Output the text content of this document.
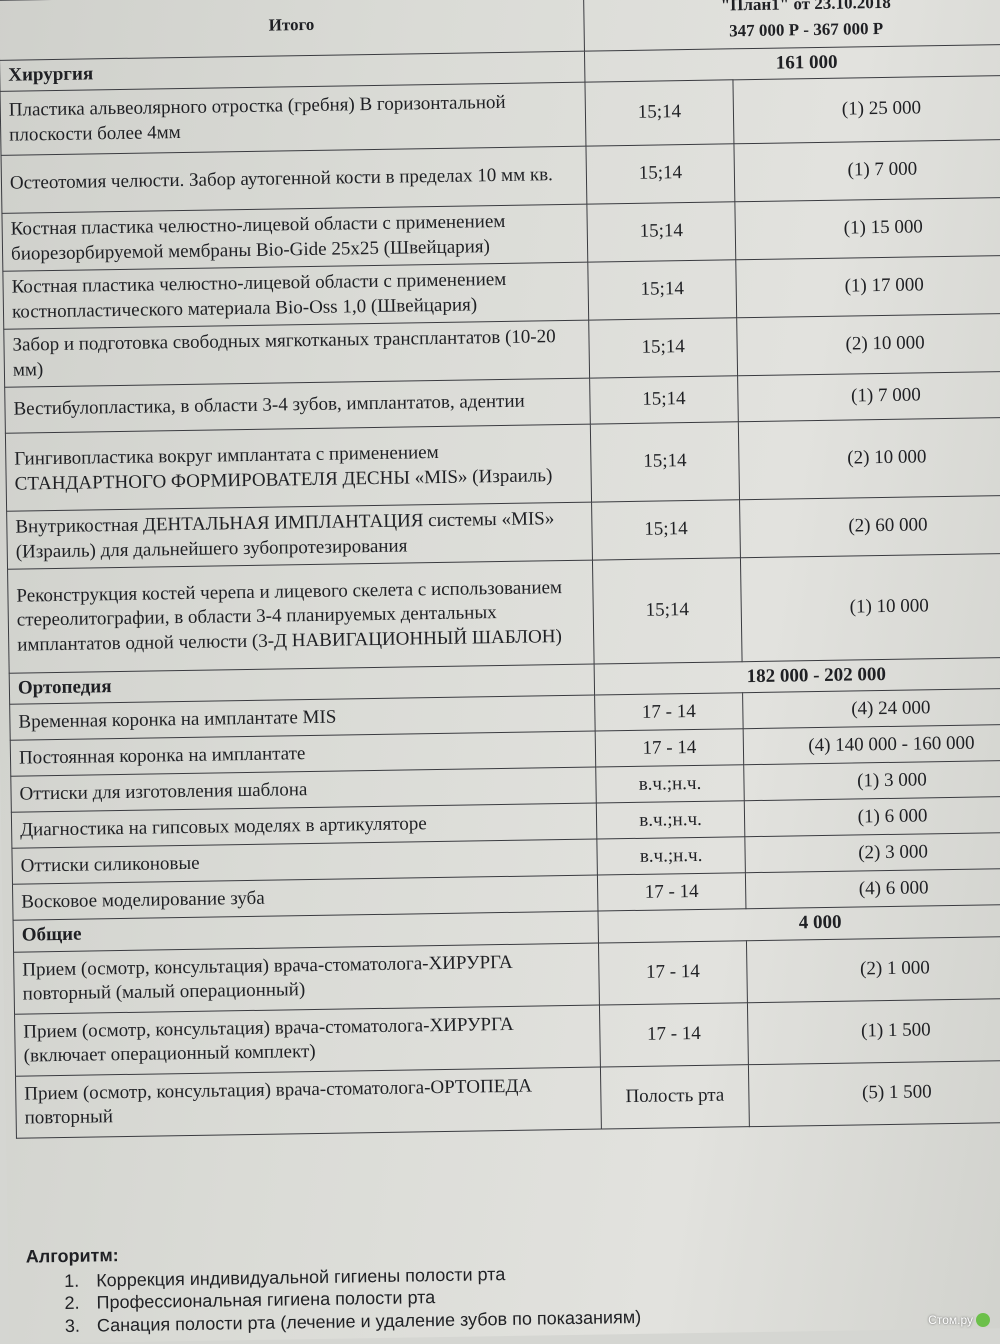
Итого	"План1" от 23.10.2018
347 000 Р - 367 000 Р	

Хирургия	161 000	
Пластика альвеолярного отростка (гребня) В горизонтальной плоскости более 4мм	15;14	(1) 25 000
Остеотомия челюсти. Забор аутогенной кости в пределах 10 мм кв.	15;14	(1) 7 000
Костная пластика челюстно-лицевой области с применением биорезорбируемой мембраны Bio-Gide 25x25 (Швейцария)	15;14	(1) 15 000
Костная пластика челюстно-лицевой области с применением костнопластического материала Bio-Oss 1,0 (Швейцария)	15;14	(1) 17 000
Забор и подготовка свободных мягкотканых трансплантатов (10-20 мм)	15;14	(2) 10 000
Вестибулопластика, в области 3-4 зубов, имплантатов, адентии	15;14	(1) 7 000
Гингивопластика вокруг имплантата с применением СТАНДАРТНОГО ФОРМИРОВАТЕЛЯ ДЕСНЫ «MIS» (Израиль)	15;14	(2) 10 000
Внутрикостная ДЕНТАЛЬНАЯ ИМПЛАНТАЦИЯ системы «MIS» (Израиль) для дальнейшего зубопротезирования	15;14	(2) 60 000
Реконструкция костей черепа и лицевого скелета с использованием стереолитографии, в области 3-4 планируемых дентальных имплантатов одной челюсти (3-Д НАВИГАЦИОННЫЙ ШАБЛОН)	15;14	(1) 10 000
Ортопедия	182 000 - 202 000	
Временная коронка на имплантате MIS	17 - 14	(4) 24 000
Постоянная коронка на имплантате	17 - 14	(4) 140 000 - 160 000
Оттиски для изготовления шаблона	в.ч.;н.ч.	(1) 3 000
Диагностика на гипсовых моделях в артикуляторе	в.ч.;н.ч.	(1) 6 000
Оттиски силиконовые	в.ч.;н.ч.	(2) 3 000
Восковое моделирование зуба	17 - 14	(4) 6 000
Общие	4 000	
Прием (осмотр, консультация) врача-стоматолога-ХИРУРГА повторный (малый операционный)	17 - 14	(2) 1 000
Прием (осмотр, консультация) врача-стоматолога-ХИРУРГА (включает операционный комплект)	17 - 14	(1) 1 500
Прием (осмотр, консультация) врача-стоматолога-ОРТОПЕДА повторный	Полость рта	(5) 1 500
Алгоритм:
1. Коррекция индивидуальной гигиены полости рта
2. Профессиональная гигиена полости рта
3. Санация полости рта (лечение и удаление зубов по показаниям)	Стом.ру
